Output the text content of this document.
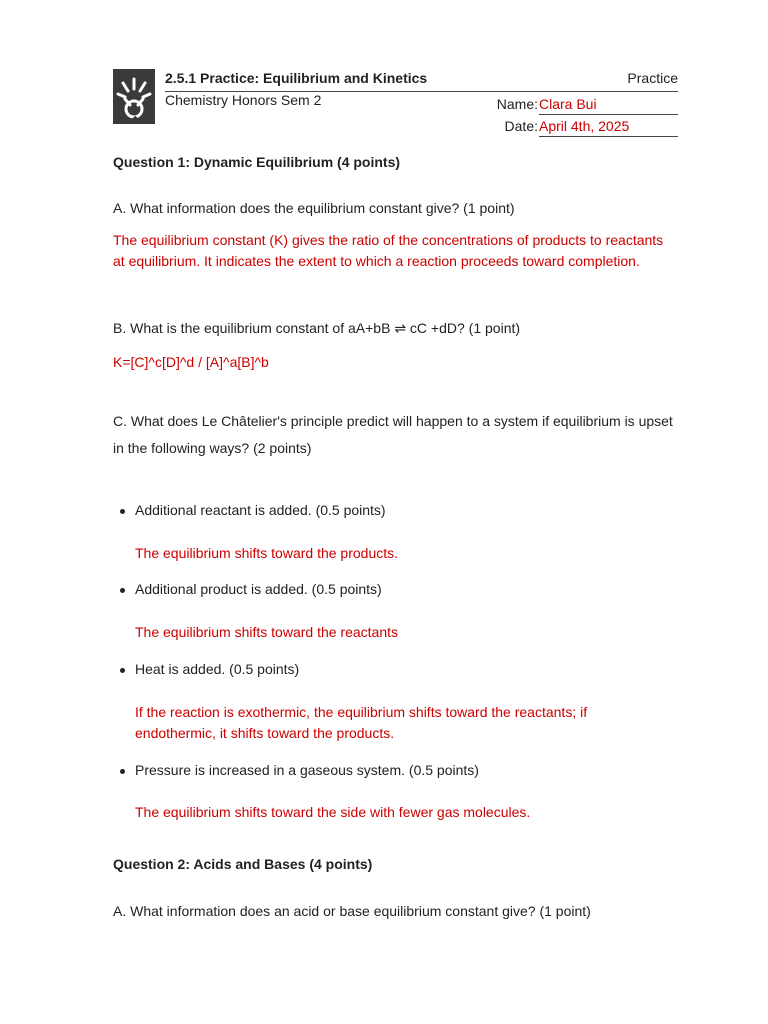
2.5.1 Practice: Equilibrium and Kinetics	Practice
Chemistry Honors Sem 2	Name: Clara Bui
Date: April 4th, 2025
Question 1: Dynamic Equilibrium (4 points)
A. What information does the equilibrium constant give? (1 point)
The equilibrium constant (K) gives the ratio of the concentrations of products to reactants at equilibrium. It indicates the extent to which a reaction proceeds toward completion.
B. What is the equilibrium constant of aA+bB ⇌ cC +dD? (1 point)
K=[C]^c[D]^d / [A]^a[B]^b
C. What does Le Châtelier's principle predict will happen to a system if equilibrium is upset in the following ways? (2 points)
Additional reactant is added. (0.5 points)
The equilibrium shifts toward the products.
Additional product is added. (0.5 points)
The equilibrium shifts toward the reactants
Heat is added. (0.5 points)
If the reaction is exothermic, the equilibrium shifts toward the reactants; if endothermic, it shifts toward the products.
Pressure is increased in a gaseous system. (0.5 points)
The equilibrium shifts toward the side with fewer gas molecules.
Question 2: Acids and Bases (4 points)
A. What information does an acid or base equilibrium constant give? (1 point)
